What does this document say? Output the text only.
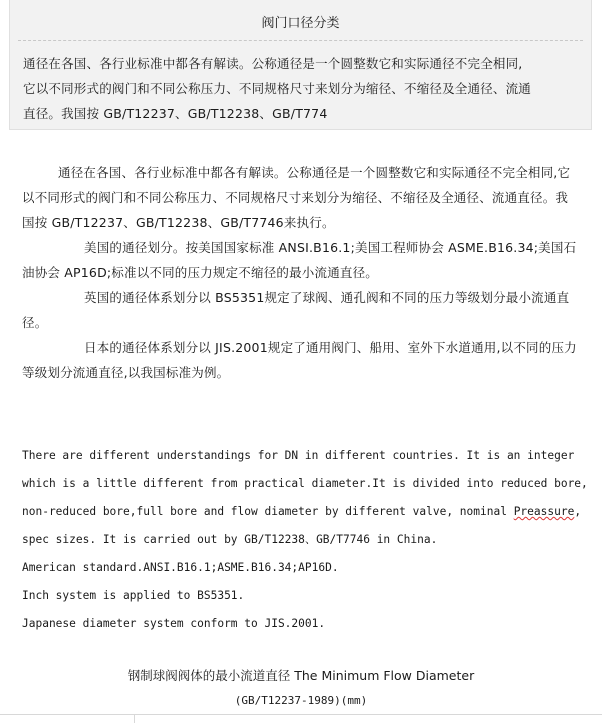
阀门口径分类
通径在各国、各行业标准中都各有解读。公称通径是一个圆整数它和实际通径不完全相同,
它以不同形式的阀门和不同公称压力、不同规格尺寸来划分为缩径、不缩径及全通径、流通
直径。我国按 GB/T12237、GB/T12238、GB/T774

通径在各国、各行业标准中都各有解读。公称通径是一个圆整数它和实际通径不完全相同,它以不同形式的阀门和不同公称压力、不同规格尺寸来划分为缩径、不缩径及全通径、流通直径。我国按 GB/T12237、GB/T12238、GB/T7746来执行。

美国的通径划分。按美国国家标准 ANSI.B16.1;美国工程师协会 ASME.B16.34;美国石油协会 AP16D;标准以不同的压力规定不缩径的最小流通直径。

英国的通径体系划分以 BS5351规定了球阀、通孔阀和不同的压力等级划分最小流通直径。

日本的通径体系划分以 JIS.2001规定了通用阀门、船用、室外下水道通用,以不同的压力等级划分流通直径,以我国标准为例。

There are different understandings for DN in different countries. It is an integer
which is a little different from practical diameter.It is divided into reduced bore,
non-reduced bore,full bore and flow diameter by different valve, nominal Preassure,
spec sizes. It is carried out by GB/T12238、GB/T7746 in China.
American standard.ANSI.B16.1;ASME.B16.34;AP16D.
Inch system is applied to BS5351.
Japanese diameter system conform to JIS.2001.
钢制球阀阀体的最小流道直径 The Minimum Flow Diameter
(GB/T12237-1989)(mm)
